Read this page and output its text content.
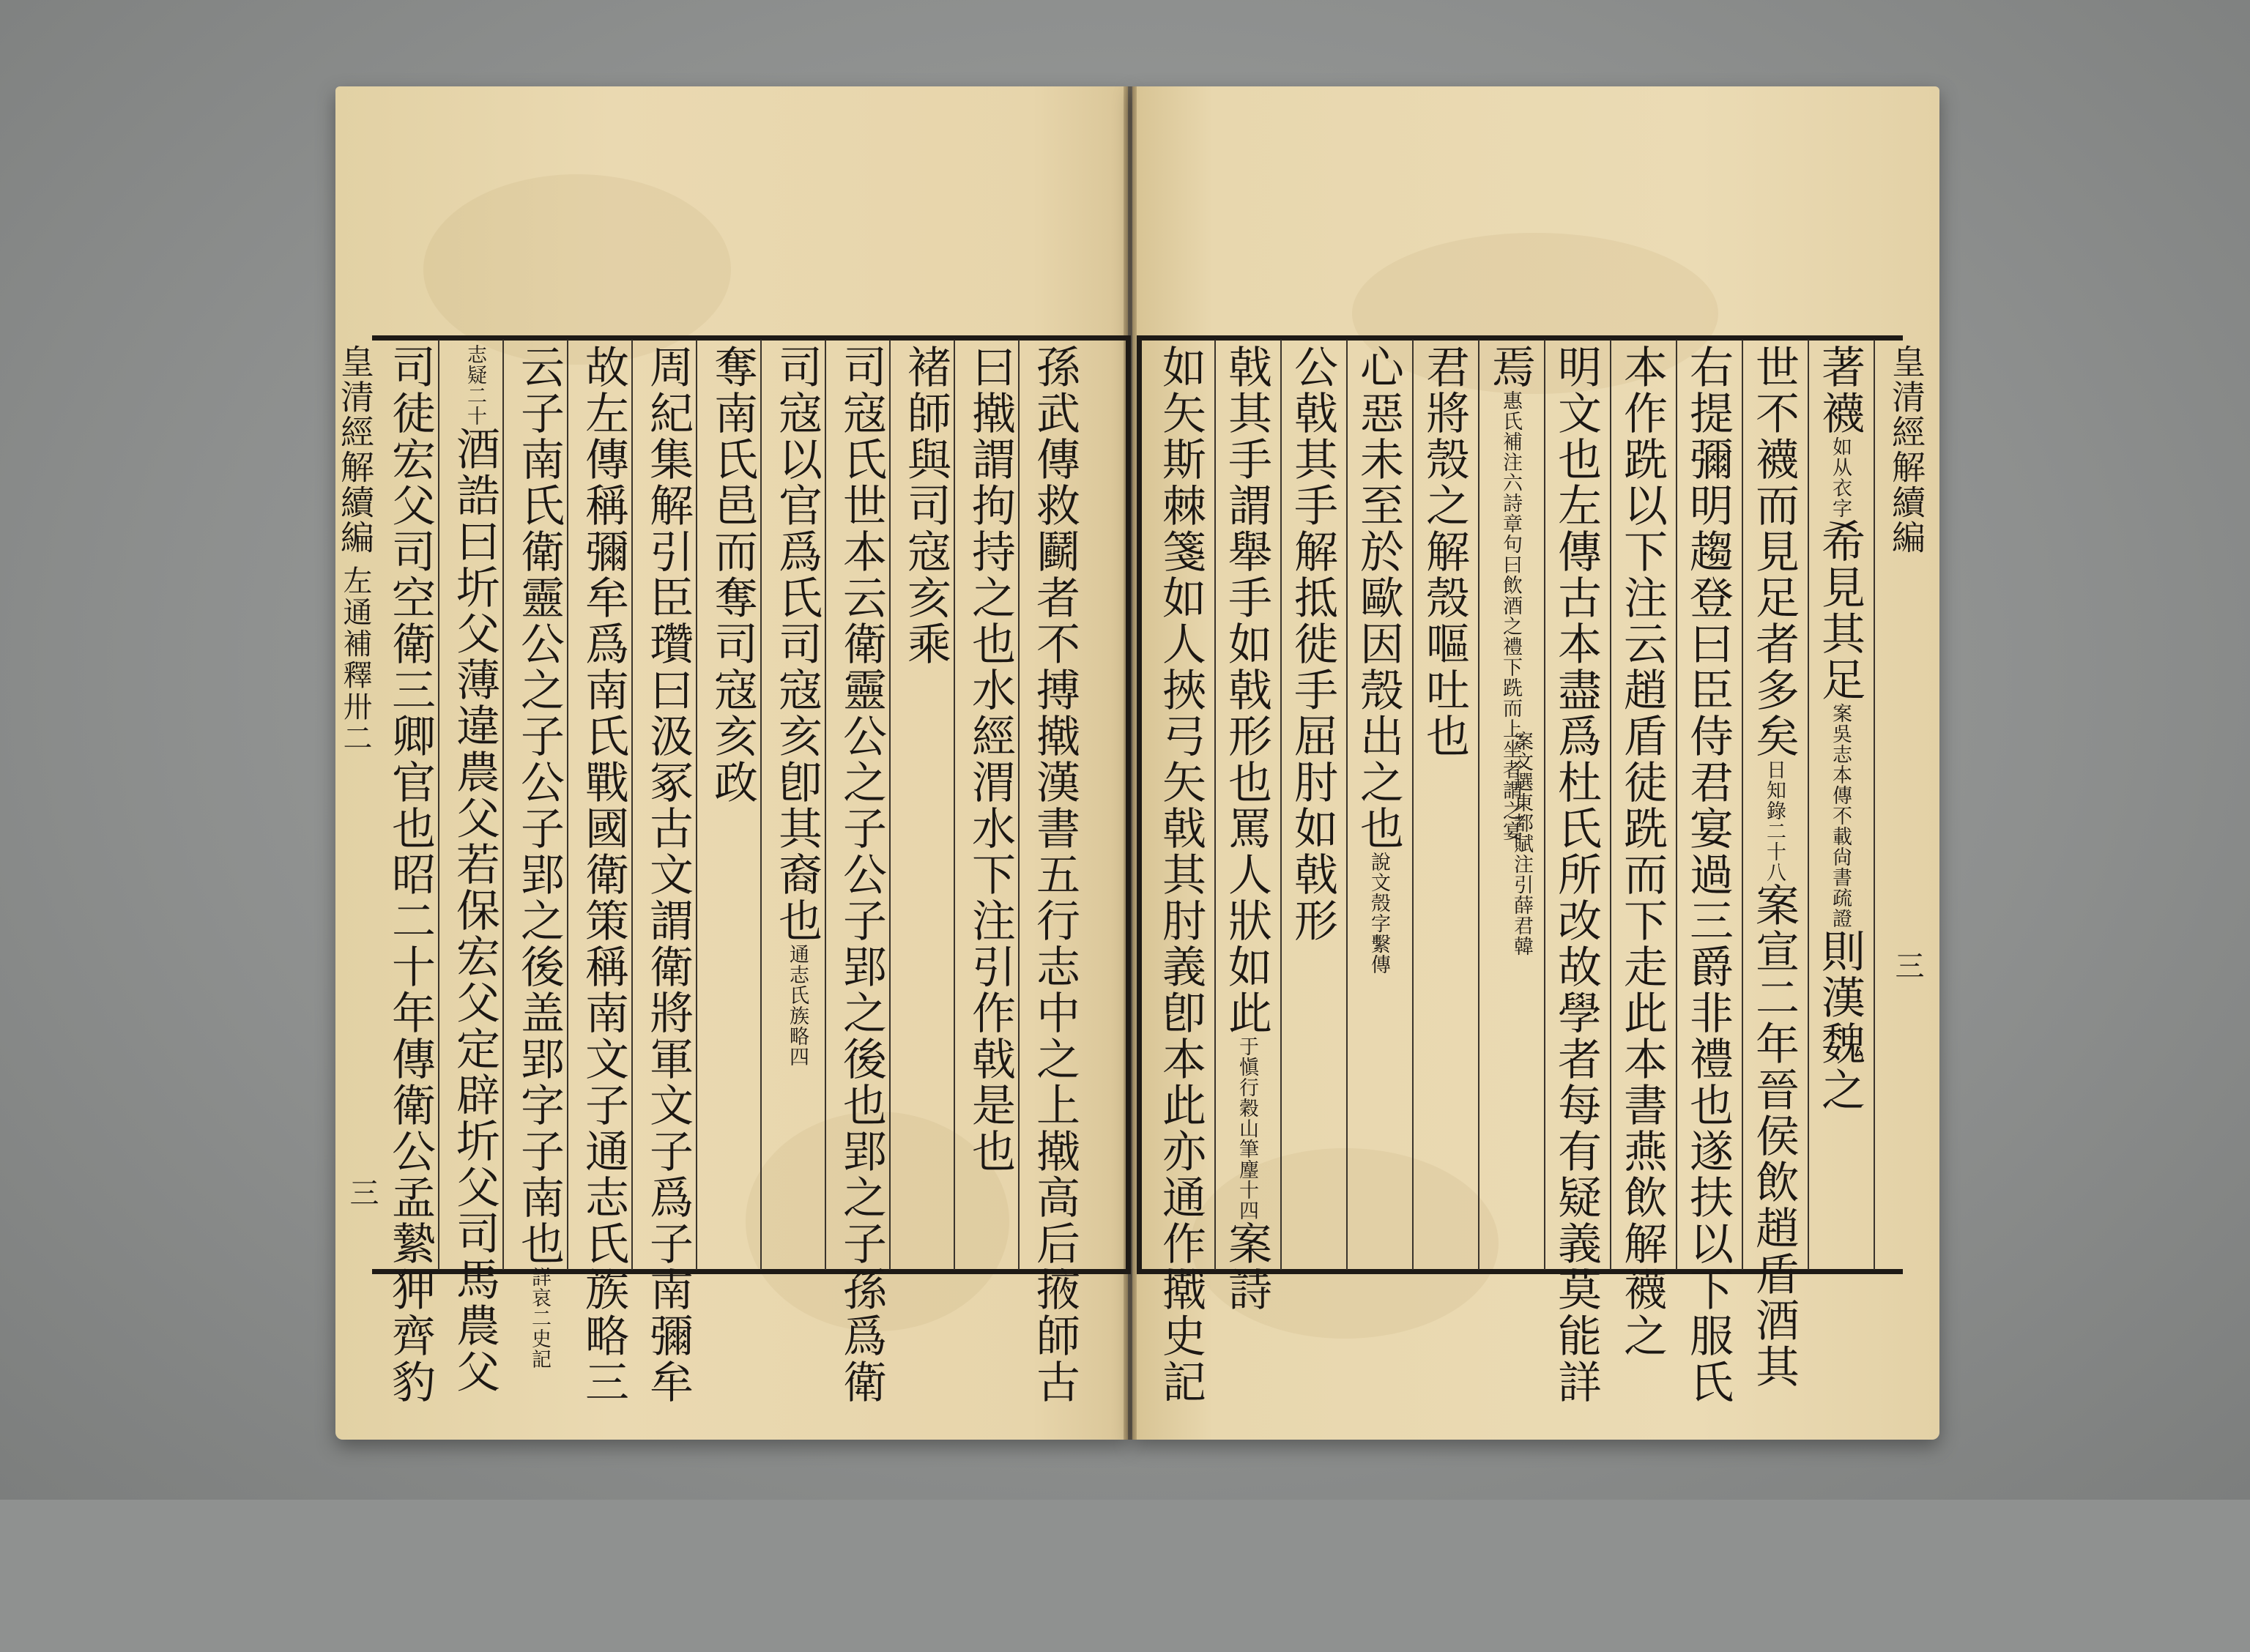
皇清經解續編左通補釋卅二
三	孫武傳救鬬者不搏撠漢書五行志中之上撠高后掖師古
曰撠謂拘持之也水經渭水下注引作戟是也
褚師與司寇亥乘
司寇氏世本云衛靈公之子公子郢之後也郢之子孫爲衛
司寇以官爲氏司寇亥卽其裔也通志氏族略四
奪南氏邑而奪司寇亥政
周紀集解引臣瓚曰汲冢古文謂衛將軍文子爲子南彌牟
故左傳稱彌牟爲南氏戰國衛策稱南文子通志氏族略三
云子南氏衛靈公之子公子郢之後盖郢字子南也詳哀二史記
志疑二十酒誥曰圻父薄違農父若保宏父定辟圻父司馬農父
司徒宏父司空衛三卿官也昭二十年傳衛公孟縶狎齊豹	皇清經解續編
三
著襪如从衣字希見其足案吳志本傳不載尙書疏證則漢魏之
世不襪而見足者多矣日知錄二十八案宣二年晉侯飲趙盾酒其
右提彌明趨登曰臣侍君宴過三爵非禮也遂扶以下服氏
本作跣以下注云趙盾徒跣而下走此本書燕飲解襪之
明文也左傳古本盡爲杜氏所改故學者每有疑義莫能詳
焉惠氏補注六詩章句曰飲酒之禮下跣而上坐者謂之宴
案文選東都賦注引薛君韓
君將殼之解殼嘔吐也
心惡未至於歐因殼出之也說文殼字繫傳
公戟其手解抵徙手屈肘如戟形
戟其手謂舉手如戟形也罵人狀如此于愼行穀山筆麈十四案詩
如矢斯棘箋如人挾弓矢戟其肘義卽本此亦通作撠史記
